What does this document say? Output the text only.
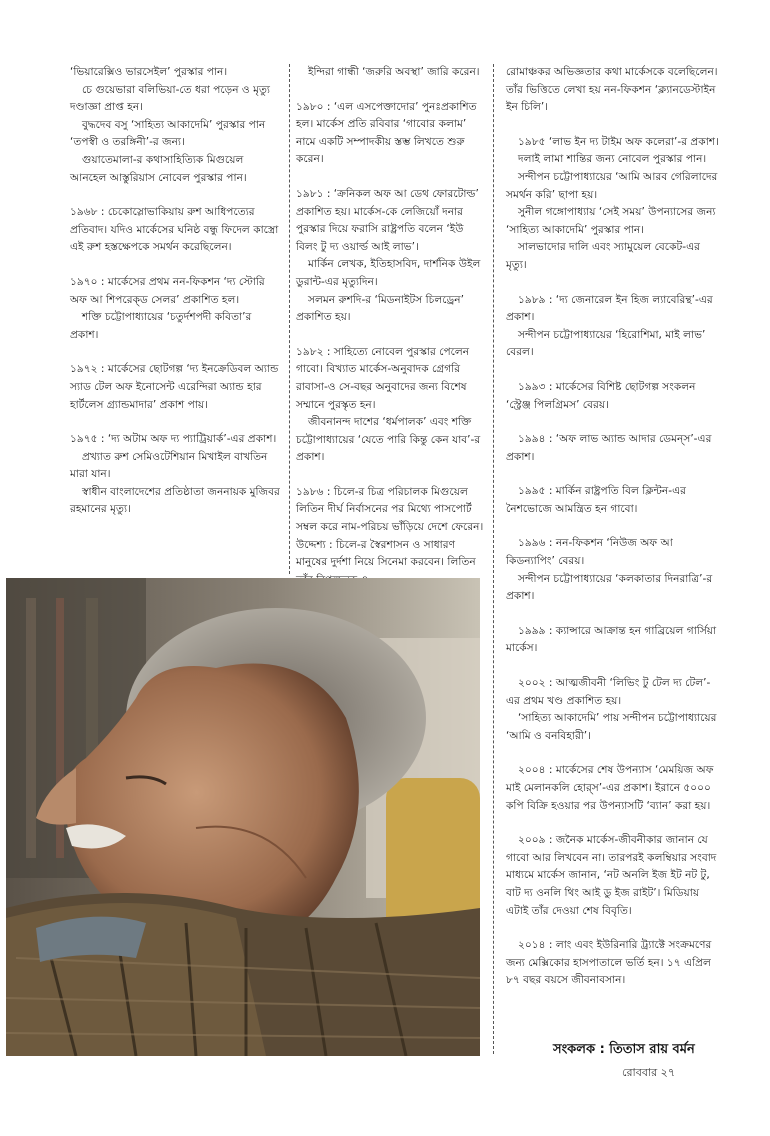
‘ভিয়ারেক্সিও ভারসেইল’ পুরস্কার পান।

চে গুয়েভারা বলিভিয়া-তে ধরা পড়েন ও মৃত্যু দণ্ডাজ্ঞা প্রাপ্ত হন।

বুদ্ধদেব বসু ‘সাহিত্য আকাদেমি’ পুরস্কার পান ‘তপস্বী ও তরঙ্গিনী’-র জন্য।

গুয়াতেমালা-র কথাসাহিত্যিক মিগুয়েল আনহেল আস্তুরিয়াস নোবেল পুরস্কার পান।

১৯৬৮ : চেকোস্লোভাকিয়ায় রুশ আধিপত্যের প্রতিবাদ। যদিও মার্কেসের ঘনিষ্ঠ বন্ধু ফিদেল কাস্ত্রো এই রুশ হস্তক্ষেপকে সমর্থন করেছিলেন।

১৯৭০ : মার্কেসের প্রথম নন-ফিকশন ‘দ্য স্টোরি অফ আ শিপরেক্‌ড সেলর’ প্রকাশিত হল।

শক্তি চট্টোপাধ্যায়ের ‘চতুর্দশপদী কবিতা’র প্রকাশ।

১৯৭২ : মার্কেসের ছোটগল্প ‘দ্য ইনক্রেডিবল অ্যান্ড স্যাড টেল অফ ইনোসেন্ট এরেন্দিরা অ্যান্ড হার হার্টলেস গ্র্যান্ডমাদার’ প্রকাশ পায়।

১৯৭৫ : ‘দ্য অটাম অফ দ্য প্যাট্রিয়ার্ক’-এর প্রকাশ।

প্রখ্যাত রুশ সেমিওটেশিয়ান মিখাইল বাখতিন মারা যান।

স্বাধীন বাংলাদেশের প্রতিষ্ঠাতা জননায়ক মুজিবর রহমানের মৃত্যু।

ইন্দিরা গান্ধী ‘জরুরি অবস্থা’ জারি করেন।

১৯৮০ : ‘এল এসপেক্তাদোর’ পুনঃপ্রকাশিত হল। মার্কেস প্রতি রবিবার ‘গাবোর কলাম’ নামে একটি সম্পাদকীয় স্তম্ভ লিখতে শুরু করেন।

১৯৮১ : ‘ক্রনিকল অফ আ ডেথ ফোরটোল্ড’ প্রকাশিত হয়। মার্কেস-কে লেজিয়োঁ দনার পুরস্কার দিয়ে ফরাসি রাষ্ট্রপতি বলেন ‘ইউ বিলং টু দ্য ওয়ার্ল্ড আই লাভ’।

মার্কিন লেখক, ইতিহাসবিদ, দার্শনিক উইল ডুরান্ট-এর মৃত্যুদিন।

সলমন রুশদি-র ‘মিডনাইটস চিলড্রেন’ প্রকাশিত হয়।

১৯৮২ : সাহিত্যে নোবেল পুরস্কার পেলেন গাবো। বিখ্যাত মার্কেস-অনুবাদক গ্রেগরি রাবাসা-ও সে-বছর অনুবাদের জন্য বিশেষ সম্মানে পুরস্কৃত হন।

জীবনানন্দ দাশের ‘ধর্মপালক’ এবং শক্তি চট্টোপাধ্যায়ের ‘যেতে পারি কিন্তু কেন যাব’-র প্রকাশ।

১৯৮৬ : চিলে-র চিত্র পরিচালক মিগুয়েল লিতিন দীর্ঘ নির্বাসনের পর মিথ্যে পাসপোর্ট সম্বল করে নাম-পরিচয় ভাঁড়িয়ে দেশে ফেরেন। উদ্দেশ্য : চিলে-র স্বৈরশাসন ও সাধারণ মানুষের দুর্দশা নিয়ে সিনেমা করবেন। লিতিন

রোমাঞ্চকর অভিজ্ঞতার কথা মার্কেসকে বলেছিলেন। তাঁর ভিত্তিতে লেখা হয় নন-ফিকশন ‘ক্ল্যানডেস্টাইন ইন চিলি’।

১৯৮৫ ‘লাভ ইন দ্য টাইম অফ কলেরা’-র প্রকাশ।

দলাই লামা শান্তির জন্য নোবেল পুরস্কার পান।

সন্দীপন চট্টোপাধ্যায়ের ‘আমি আরব গেরিলাদের সমর্থন করি’ ছাপা হয়।

সুনীল গঙ্গোপাধ্যায় ‘সেই সময়’ উপন্যাসের জন্য ‘সাহিত্য আকাদেমি’ পুরস্কার পান।

সালভাদোর দালি এবং স্যামুয়েল বেকেট-এর মৃত্যু।

১৯৮৯ : ‘দ্য জেনারেল ইন হিজ ল্যাবেরিন্থ’-এর প্রকাশ।

সন্দীপন চট্টোপাধ্যায়ের ‘হিরোশিমা, মাই লাভ’ বেরল।

১৯৯৩ : মার্কেসের বিশিষ্ট ছোটগল্প সংকলন ‘স্ট্রেঞ্জ পিলগ্রিমস’ বেরয়।

১৯৯৪ : ‘অফ লাভ অ্যান্ড আদার ডেমন্‌স’-এর প্রকাশ।

১৯৯৫ : মার্কিন রাষ্ট্রপতি বিল ক্লিন্টন-এর নৈশভোজে আমন্ত্রিত হন গাবো।

১৯৯৬ : নন-ফিকশন ‘নিউজ অফ আ কিডন্যাপিং’ বেরয়।

সন্দীপন চট্টোপাধ্যায়ের ‘কলকাতার দিনরাত্রি’-র প্রকাশ।

১৯৯৯ : ক্যান্সারে আক্রান্ত হন গাব্রিয়েল গার্সিয়া মার্কেস।

২০০২ : আত্মজীবনী ‘লিভিং টু টেল দ্য টেল’-এর প্রথম খণ্ড প্রকাশিত হয়।

‘সাহিত্য আকাদেমি’ পায় সন্দীপন চট্টোপাধ্যায়ের ‘আমি ও বনবিহারী’।

২০০৪ : মার্কেসের শেষ উপন্যাস ‘মেময়িজ অফ মাই মেলানকলি হোর্‌স’-এর প্রকাশ। ইরানে ৫০০০ কপি বিক্রি হওয়ার পর উপন্যাসটি ‘ব্যান’ করা হয়।

২০০৯ : জনৈক মার্কেস-জীবনীকার জানান যে গাবো আর লিখবেন না। তারপরই কলম্বিয়ার সংবাদ মাধ্যমে মার্কেস জানান, ‘নট অনলি ইজ ইট নট টু, বাট দ্য ওনলি থিং আই ডু ইজ রাইট’। মিডিয়ায় এটাই তাঁর দেওয়া শেষ বিবৃতি।

২০১৪ : লাং এবং ইউরিনারি ট্র্যাক্টে সংক্রমণের জন্য মেক্সিকোর হাসপাতালে ভর্তি হন। ১৭ এপ্রিল ৮৭ বছর বয়সে জীবনাবসান।

সংকলক : তিতাস রায় বর্মন
রোববার ২৭
